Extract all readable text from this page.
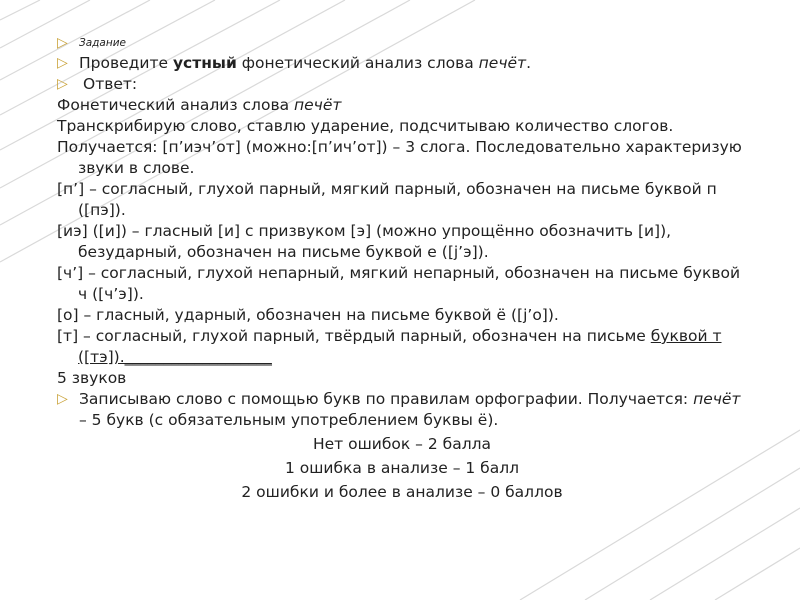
▷ Задание

▷ Проведите устный фонетический анализ слова печёт.

▷ Ответ:

Фонетический анализ слова печёт

Транскрибирую слово, ставлю ударение, подсчитываю количество слогов.

Получается: [п’иэч’от] (можно:[п’ич’от]) – 3 слога. Последовательно характеризую звуки в слове.

[п’] – согласный, глухой парный, мягкий парный, обозначен на письме буквой п ([пэ]).

[иэ] ([и]) – гласный [и] с призвуком [э] (можно упрощённо обозначить [и]), безударный, обозначен на письме буквой е ([j’э]).

[ч’] – согласный, глухой непарный, мягкий непарный, обозначен на письме буквой ч ([ч’э]).

[о] – гласный, ударный, обозначен на письме буквой ё ([j’о]).

[т] – согласный, глухой парный, твёрдый парный, обозначен на письме буквой т ([тэ]).___________________

5 звуков

▷ Записываю слово с помощью букв по правилам орфографии. Получается: печёт – 5 букв (с обязательным употреблением буквы ё).

Нет ошибок – 2 балла

1 ошибка в анализе – 1 балл

2 ошибки и более в анализе – 0 баллов
